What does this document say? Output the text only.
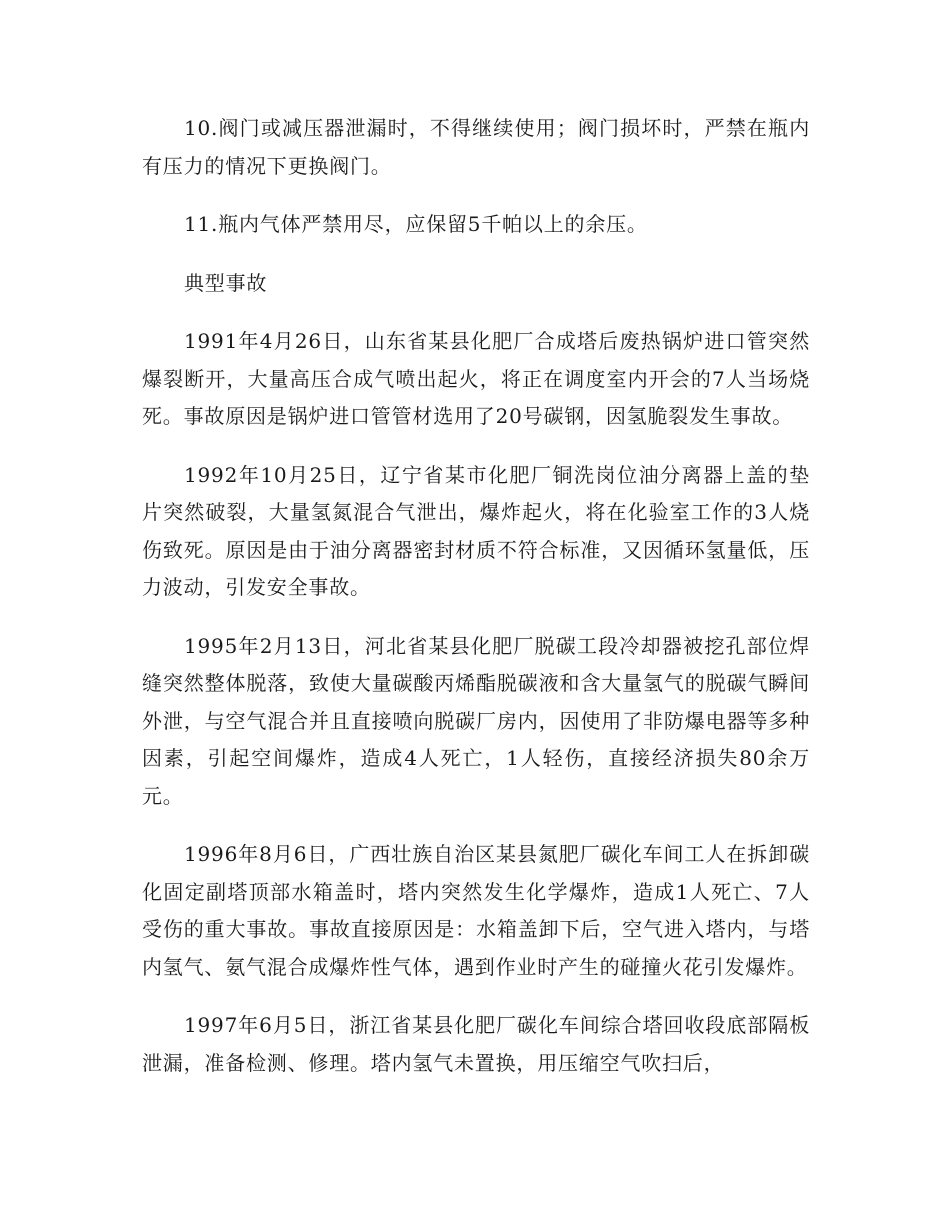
10.阀门或减压器泄漏时，不得继续使用；阀门损坏时，严禁在瓶内有压力的情况下更换阀门。

11.瓶内气体严禁用尽，应保留5千帕以上的余压。

典型事故

1991年4月26日，山东省某县化肥厂合成塔后废热锅炉进口管突然爆裂断开，大量高压合成气喷出起火，将正在调度室内开会的7人当场烧死。事故原因是锅炉进口管管材选用了20号碳钢，因氢脆裂发生事故。

1992年10月25日，辽宁省某市化肥厂铜洗岗位油分离器上盖的垫片突然破裂，大量氢氮混合气泄出，爆炸起火，将在化验室工作的3人烧伤致死。原因是由于油分离器密封材质不符合标准，又因循环氢量低，压力波动，引发安全事故。

1995年2月13日，河北省某县化肥厂脱碳工段冷却器被挖孔部位焊缝突然整体脱落，致使大量碳酸丙烯酯脱碳液和含大量氢气的脱碳气瞬间外泄，与空气混合并且直接喷向脱碳厂房内，因使用了非防爆电器等多种因素，引起空间爆炸，造成4人死亡，1人轻伤，直接经济损失80余万元。

1996年8月6日，广西壮族自治区某县氮肥厂碳化车间工人在拆卸碳化固定副塔顶部水箱盖时，塔内突然发生化学爆炸，造成1人死亡、7人受伤的重大事故。事故直接原因是：水箱盖卸下后，空气进入塔内，与塔内氢气、氨气混合成爆炸性气体，遇到作业时产生的碰撞火花引发爆炸。

1997年6月5日，浙江省某县化肥厂碳化车间综合塔回收段底部隔板泄漏，准备检测、修理。塔内氢气未置换，用压缩空气吹扫后，
